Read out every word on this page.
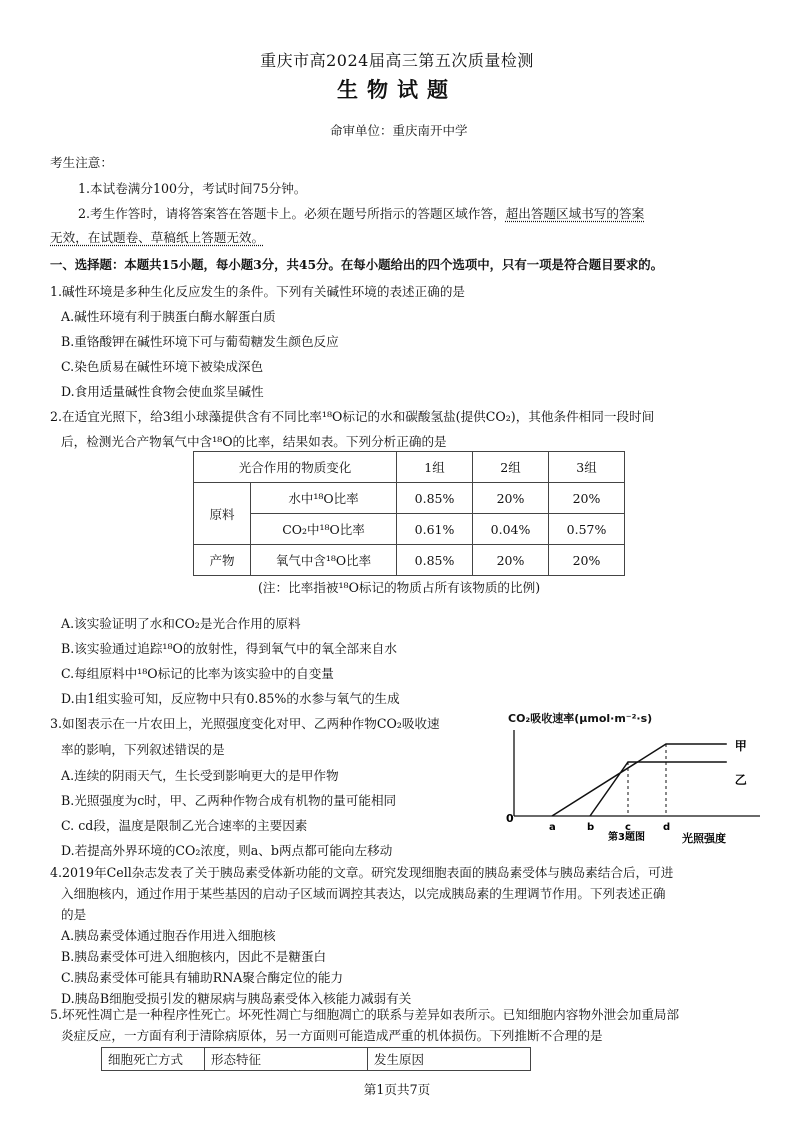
重庆市高2024届高三第五次质量检测
生物试题
命审单位：重庆南开中学
考生注意：
1.本试卷满分100分，考试时间75分钟。
2.考生作答时，请将答案答在答题卡上。必须在题号所指示的答题区域作答，超出答题区域书写的答案
无效，在试题卷、草稿纸上答题无效。
一、选择题：本题共15小题，每小题3分，共45分。在每小题给出的四个选项中，只有一项是符合题目要求的。
1.碱性环境是多种生化反应发生的条件。下列有关碱性环境的表述正确的是
A.碱性环境有利于胰蛋白酶水解蛋白质
B.重铬酸钾在碱性环境下可与葡萄糖发生颜色反应
C.染色质易在碱性环境下被染成深色
D.食用适量碱性食物会使血浆呈碱性
2.在适宜光照下，给3组小球藻提供含有不同比率¹⁸O标记的水和碳酸氢盐(提供CO₂)，其他条件相同一段时间
后，检测光合产物氧气中含¹⁸O的比率，结果如表。下列分析正确的是
光合作用的物质变化		1组	2组	3组
原料	水中¹⁸O比率	0.85%	20%	20%
	CO₂中¹⁸O比率	0.61%	0.04%	0.57%
产物	氧气中含¹⁸O比率	0.85%	20%	20%
(注：比率指被¹⁸O标记的物质占所有该物质的比例)
A.该实验证明了水和CO₂是光合作用的原料
B.该实验通过追踪¹⁸O的放射性，得到氧气中的氧全部来自水
C.每组原料中¹⁸O标记的比率为该实验中的自变量
D.由1组实验可知，反应物中只有0.85%的水参与氧气的生成
3.如图表示在一片农田上，光照强度变化对甲、乙两种作物CO₂吸收速
率的影响，下列叙述错误的是
A.连续的阴雨天气，生长受到影响更大的是甲作物
B.光照强度为c时，甲、乙两种作物合成有机物的量可能相同
C. cd段，温度是限制乙光合速率的主要因素
D.若提高外界环境的CO₂浓度，则a、b两点都可能向左移动
CO₂吸收速率(μmol·m⁻²·s)
0
甲
乙
a	b	c	d
光照强度
第3题图
4.2019年Cell杂志发表了关于胰岛素受体新功能的文章。研究发现细胞表面的胰岛素受体与胰岛素结合后，可进
入细胞核内，通过作用于某些基因的启动子区域而调控其表达，以完成胰岛素的生理调节作用。下列表述正确
的是
A.胰岛素受体通过胞吞作用进入细胞核
B.胰岛素受体可进入细胞核内，因此不是糖蛋白
C.胰岛素受体可能具有辅助RNA聚合酶定位的能力
D.胰岛B细胞受损引发的糖尿病与胰岛素受体入核能力减弱有关
5.坏死性凋亡是一种程序性死亡。坏死性凋亡与细胞凋亡的联系与差异如表所示。已知细胞内容物外泄会加重局部
炎症反应，一方面有利于清除病原体，另一方面则可能造成严重的机体损伤。下列推断不合理的是
细胞死亡方式	形态特征	发生原因
第1页共7页
